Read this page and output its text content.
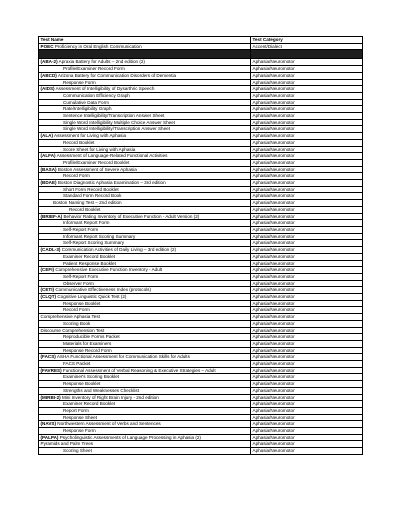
Test Name	Test Category
POEC Proficiency in Oral English Communication	Accent/Dialect

(ABA-2) Apraxia Battery for Adults – 2nd edition (2)	Aphasia/Neuromotor
Profile/Examiner Record Form	Aphasia/Neuromotor
(ABCD) Arizona Battery for Communication Disorders of Dementia	Aphasia/Neuromotor
Response Form	Aphasia/Neuromotor
(AIDS) Assessment of Intelligibility of Dysarthric Speech	Aphasia/Neuromotor
Communication Efficiency Graph	Aphasia/Neuromotor
Cumulative Data Form	Aphasia/Neuromotor
Rate/Intelligibility Graph	Aphasia/Neuromotor
Sentence Intelligibility/Transcription Answer Sheet	Aphasia/Neuromotor
Single Word Intelligibility Multiple Choice Answer Sheet	Aphasia/Neuromotor
Single Word Intelligibility/Transcription Answer Sheet	Aphasia/Neuromotor
(ALA) Assessment for Living with Aphasia	Aphasia/Neuromotor
Record Booklet	Aphasia/Neuromotor
Score Sheet for Living with Aphasia	Aphasia/Neuromotor
(ALFA) Assessment of Language-Related Functional Activities	Aphasia/Neuromotor
Profile/Examiner Record Booklet	Aphasia/Neuromotor
(BASA) Boston Assessment of Severe Aphasia	Aphasia/Neuromotor
Record Form	Aphasia/Neuromotor
(BDAE) Boston Diagnostic Aphasia Examination – 3rd edition	Aphasia/Neuromotor
Short Form Record Booklet	Aphasia/Neuromotor
Standard Form Record Book	Aphasia/Neuromotor
Boston Naming Test – 2nd edition	Aphasia/Neuromotor
Record Booklet	Aphasia/Neuromotor
(BRIEF-A) Behavior Rating Inventory of Executive Function - Adult Version (2)	Aphasia/Neuromotor
Informant Report Form	Aphasia/Neuromotor
Self-Report Form	Aphasia/Neuromotor
Informant Report Scoring Summary	Aphasia/Neuromotor
Self-Report Scoring Summary	Aphasia/Neuromotor
(CADL-3) Communication Activities of Daily Living – 3rd edition (2)	Aphasia/Neuromotor
Examiner Record Booklet	Aphasia/Neuromotor
Patient Response Booklet	Aphasia/Neuromotor
(CEFI) Comprehensive Executive Function Inventory - Adult	Aphasia/Neuromotor
Self-Report Form	Aphasia/Neuromotor
Observer Form	Aphasia/Neuromotor
(CETI) Communicative Effectiveness Index (protocols)	Aphasia/Neuromotor
(CLQT) Cognitive Linguistic Quick Test (2)	Aphasia/Neuromotor
Response Booklet	Aphasia/Neuromotor
Record Form	Aphasia/Neuromotor
Comprehensive Aphasia Test	Aphasia/Neuromotor
Scoring Book	Aphasia/Neuromotor
Discourse Comprehension Test	Aphasia/Neuromotor
Reproducible Forms Packet	Aphasia/Neuromotor
Materials for Examiners	Aphasia/Neuromotor
Response Record Form	Aphasia/Neuromotor
(FACS) ASHA Functional Assessment for Communication Skills for Adults	Aphasia/Neuromotor
FACS Packet	Aphasia/Neuromotor
(FAVRES) Functional Assessment of Verbal Reasoning & Executive Strategies – Adult	Aphasia/Neuromotor
Examiner's Scoring Booklet	Aphasia/Neuromotor
Response Booklet	Aphasia/Neuromotor
Strengths and Weaknesses Checklist	Aphasia/Neuromotor
(MIRBI-2) Mini Inventory of Right Brain Injury - 2nd edition	Aphasia/Neuromotor
Examiner Record Booklet	Aphasia/Neuromotor
Report Form	Aphasia/Neuromotor
Response Sheet	Aphasia/Neuromotor
(NAVS) Northwestern Assessment of Verbs and Sentences	Aphasia/Neuromotor
Response Form	Aphasia/Neuromotor
(PALPA) Psycholinguistic Assessments of Language Processing in Aphasia (2)	Aphasia/Neuromotor
Pyramids and Palm Trees	Aphasia/Neuromotor
Scoring Sheet	Aphasia/Neuromotor
